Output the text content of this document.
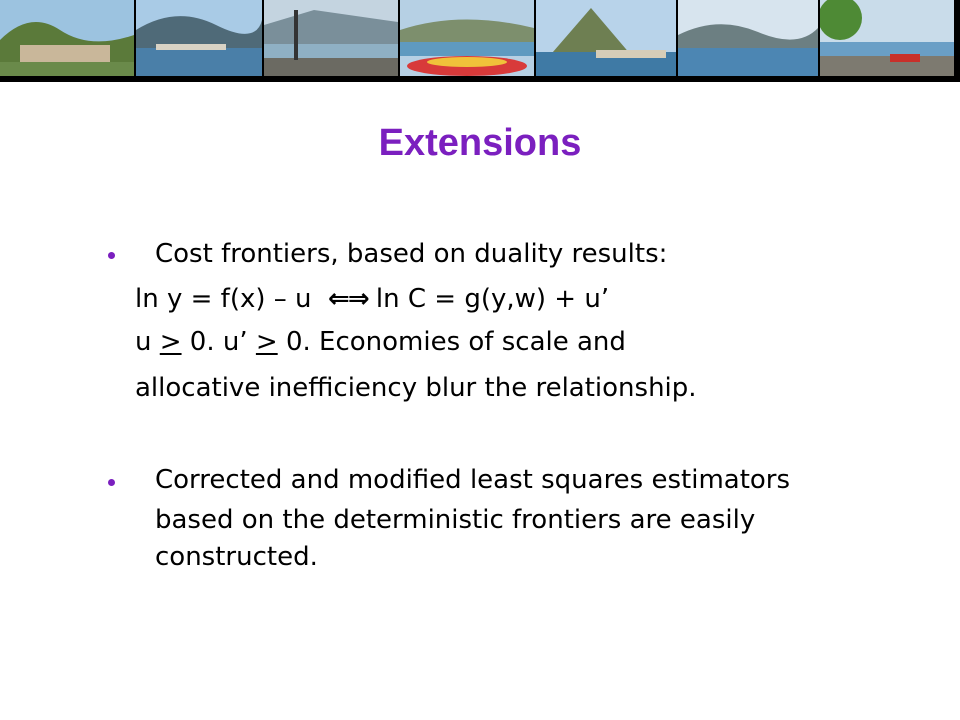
Extensions
Cost frontiers, based on duality results:
ln y = f(x) – u ⇐⇒ ln C = g(y,w) + u’
u ≥ 0. u’ ≥ 0. Economies of scale and
allocative inefficiency blur the relationship.
Corrected and modified least squares estimators
based on the deterministic frontiers are easily
constructed.
